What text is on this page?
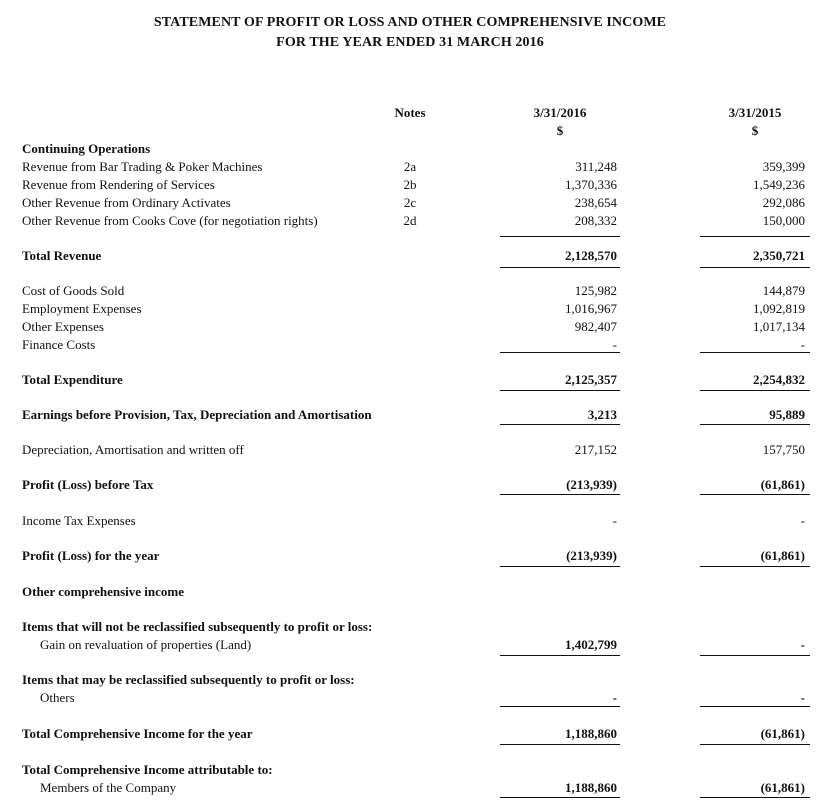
STATEMENT OF PROFIT OR LOSS AND OTHER COMPREHENSIVE INCOME
FOR THE YEAR ENDED 31 MARCH 2016
Notes	3/31/2016	3/31/2015
$	$
Continuing Operations
Revenue from Bar Trading & Poker Machines	2a	311,248	359,399
Revenue from Rendering of Services	2b	1,370,336	1,549,236
Other Revenue from Ordinary Activates	2c	238,654	292,086
Other Revenue from Cooks Cove (for negotiation rights)	2d	208,332	150,000
Total Revenue	2,128,570	2,350,721
Cost of Goods Sold	125,982	144,879
Employment Expenses	1,016,967	1,092,819
Other Expenses	982,407	1,017,134
Finance Costs	-	-
Total Expenditure	2,125,357	2,254,832
Earnings before Provision, Tax, Depreciation and Amortisation	3,213	95,889
Depreciation, Amortisation and written off	217,152	157,750
Profit (Loss) before Tax	(213,939)	(61,861)
Income Tax Expenses	-	-
Profit (Loss) for the year	(213,939)	(61,861)
Other comprehensive income
Items that will not be reclassified subsequently to profit or loss:
Gain on revaluation of properties (Land)	1,402,799	-
Items that may be reclassified subsequently to profit or loss:
Others	-	-
Total Comprehensive Income for the year	1,188,860	(61,861)
Total Comprehensive Income attributable to:
Members of the Company	1,188,860	(61,861)
